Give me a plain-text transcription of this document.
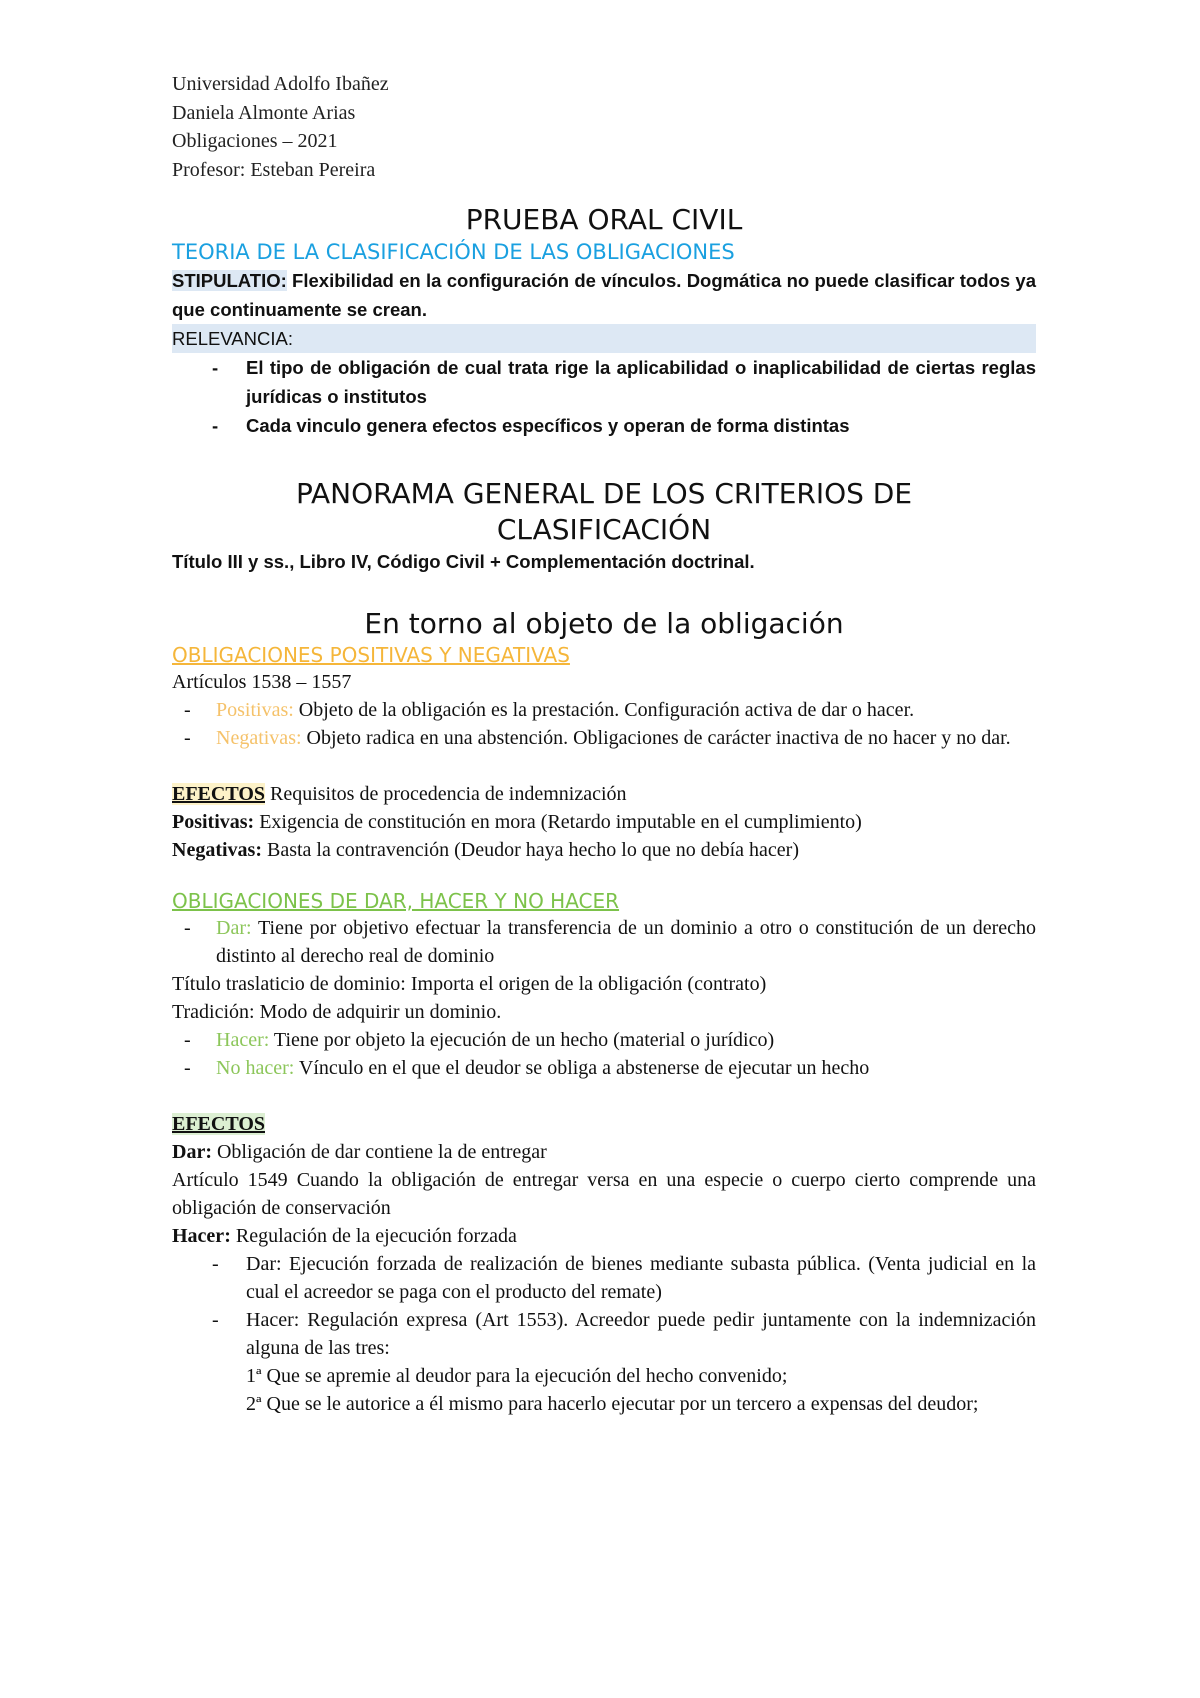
Universidad Adolfo Ibañez
Daniela Almonte Arias
Obligaciones – 2021
Profesor: Esteban Pereira
PRUEBA ORAL CIVIL
TEORIA DE LA CLASIFICACIÓN DE LAS OBLIGACIONES
STIPULATIO: Flexibilidad en la configuración de vínculos. Dogmática no puede clasificar todos ya que continuamente se crean.
RELEVANCIA:
- El tipo de obligación de cual trata rige la aplicabilidad o inaplicabilidad de ciertas reglas jurídicas o institutos
- Cada vinculo genera efectos específicos y operan de forma distintas
PANORAMA GENERAL DE LOS CRITERIOS DE
CLASIFICACIÓN
Título III y ss., Libro IV, Código Civil + Complementación doctrinal.
En torno al objeto de la obligación
OBLIGACIONES POSITIVAS Y NEGATIVAS
Artículos 1538 – 1557
- Positivas: Objeto de la obligación es la prestación. Configuración activa de dar o hacer.
- Negativas: Objeto radica en una abstención. Obligaciones de carácter inactiva de no hacer y no dar.
EFECTOS Requisitos de procedencia de indemnización
Positivas: Exigencia de constitución en mora (Retardo imputable en el cumplimiento)
Negativas: Basta la contravención (Deudor haya hecho lo que no debía hacer)
OBLIGACIONES DE DAR, HACER Y NO HACER
- Dar: Tiene por objetivo efectuar la transferencia de un dominio a otro o constitución de un derecho distinto al derecho real de dominio
Título traslaticio de dominio: Importa el origen de la obligación (contrato)
Tradición: Modo de adquirir un dominio.
- Hacer: Tiene por objeto la ejecución de un hecho (material o jurídico)
- No hacer: Vínculo en el que el deudor se obliga a abstenerse de ejecutar un hecho
EFECTOS
Dar: Obligación de dar contiene la de entregar
Artículo 1549 Cuando la obligación de entregar versa en una especie o cuerpo cierto comprende una obligación de conservación
Hacer: Regulación de la ejecución forzada
- Dar: Ejecución forzada de realización de bienes mediante subasta pública. (Venta judicial en la cual el acreedor se paga con el producto del remate)
- Hacer: Regulación expresa (Art 1553). Acreedor puede pedir juntamente con la indemnización alguna de las tres:
1ª Que se apremie al deudor para la ejecución del hecho convenido;
2ª Que se le autorice a él mismo para hacerlo ejecutar por un tercero a expensas del deudor;
